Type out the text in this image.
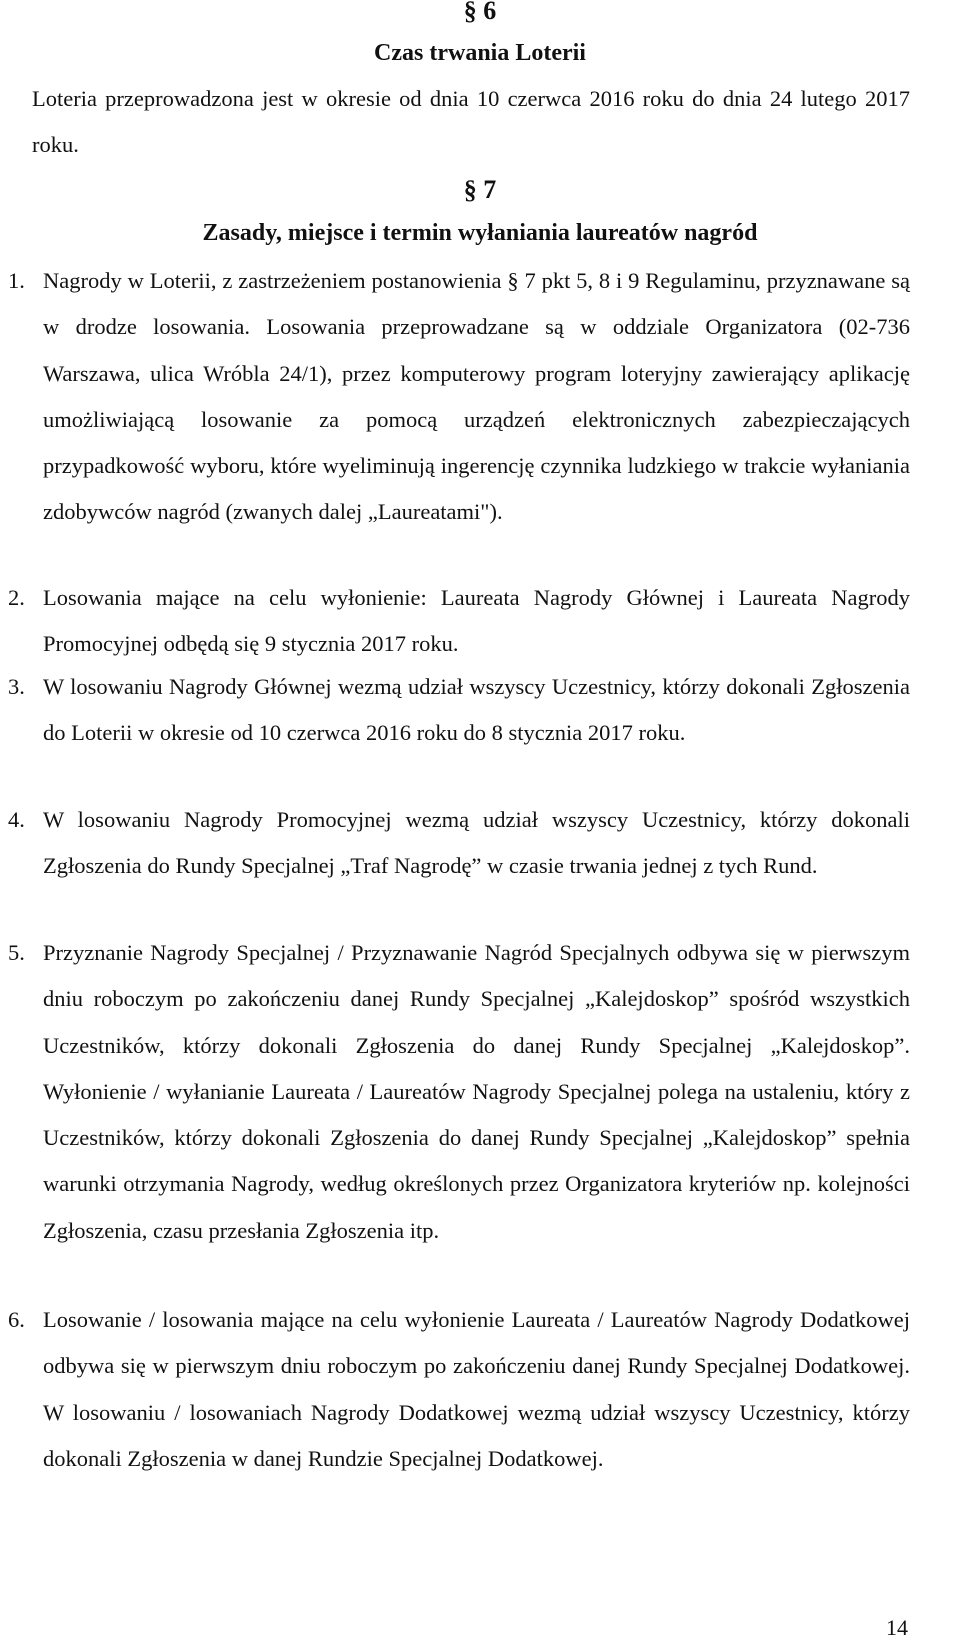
§ 6

Czas trwania Loterii

Loteria przeprowadzona jest w okresie od dnia 10 czerwca 2016 roku do dnia 24 lutego 2017 roku.

§ 7

Zasady, miejsce i termin wyłaniania laureatów nagród

1. Nagrody w Loterii, z zastrzeżeniem postanowienia § 7 pkt 5, 8 i 9 Regulaminu, przyznawane są w drodze losowania. Losowania przeprowadzane są w oddziale Organizatora (02-736 Warszawa, ulica Wróbla 24/1), przez komputerowy program loteryjny zawierający aplikację umożliwiającą losowanie za pomocą urządzeń elektronicznych zabezpieczających przypadkowość wyboru, które wyeliminują ingerencję czynnika ludzkiego w trakcie wyłaniania zdobywców nagród (zwanych dalej „Laureatami").
2. Losowania mające na celu wyłonienie: Laureata Nagrody Głównej i Laureata Nagrody Promocyjnej odbędą się 9 stycznia 2017 roku.
3. W losowaniu Nagrody Głównej wezmą udział wszyscy Uczestnicy, którzy dokonali Zgłoszenia do Loterii w okresie od 10 czerwca 2016 roku do 8 stycznia 2017 roku.
4. W losowaniu Nagrody Promocyjnej wezmą udział wszyscy Uczestnicy, którzy dokonali Zgłoszenia do Rundy Specjalnej „Traf Nagrodę” w czasie trwania jednej z tych Rund.
5. Przyznanie Nagrody Specjalnej / Przyznawanie Nagród Specjalnych odbywa się w pierwszym dniu roboczym po zakończeniu danej Rundy Specjalnej „Kalejdoskop” spośród wszystkich Uczestników, którzy dokonali Zgłoszenia do danej Rundy Specjalnej „Kalejdoskop”. Wyłonienie / wyłanianie Laureata / Laureatów Nagrody Specjalnej polega na ustaleniu, który z Uczestników, którzy dokonali Zgłoszenia do danej Rundy Specjalnej „Kalejdoskop” spełnia warunki otrzymania Nagrody, według określonych przez Organizatora kryteriów np. kolejności Zgłoszenia, czasu przesłania Zgłoszenia itp.
6. Losowanie / losowania mające na celu wyłonienie Laureata / Laureatów Nagrody Dodatkowej odbywa się w pierwszym dniu roboczym po zakończeniu danej Rundy Specjalnej Dodatkowej. W losowaniu / losowaniach Nagrody Dodatkowej wezmą udział wszyscy Uczestnicy, którzy dokonali Zgłoszenia w danej Rundzie Specjalnej Dodatkowej.

14
